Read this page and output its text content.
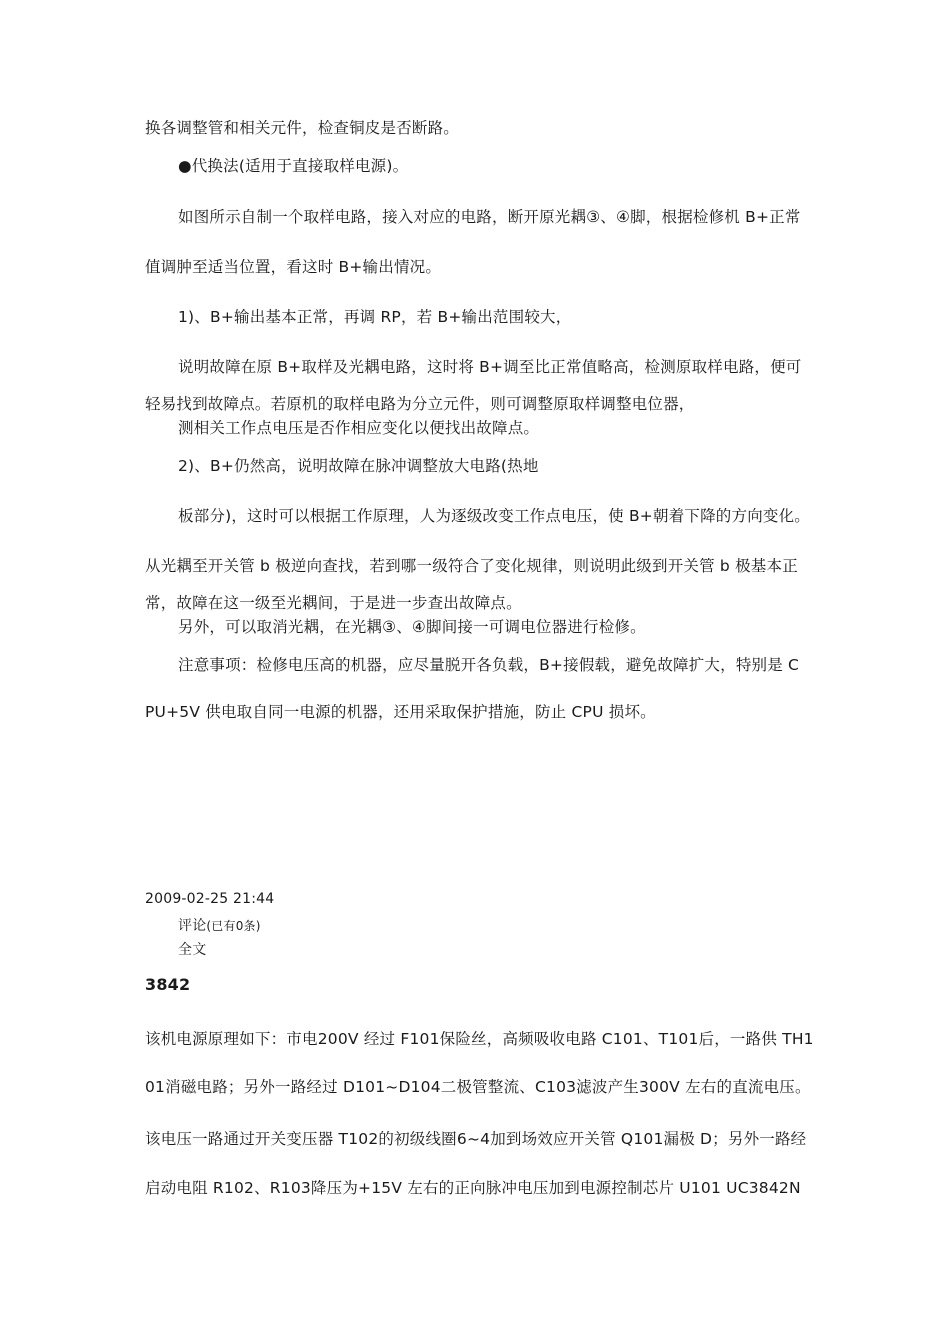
换各调整管和相关元件，检查铜皮是否断路。
●代换法(适用于直接取样电源)。
如图所示自制一个取样电路，接入对应的电路，断开原光耦③、④脚，根据检修机 B+正常
值调肿至适当位置，看这时 B+输出情况。
1)、B+输出基本正常，再调 RP，若 B+输出范围较大，
说明故障在原 B+取样及光耦电路，这时将 B+调至比正常值略高，检测原取样电路，便可
轻易找到故障点。若原机的取样电路为分立元件，则可调整原取样调整电位器，
测相关工作点电压是否作相应变化以便找出故障点。
2)、B+仍然高，说明故障在脉冲调整放大电路(热地
板部分)，这时可以根据工作原理，人为逐级改变工作点电压，使 B+朝着下降的方向变化。
从光耦至开关管 b 极逆向查找，若到哪一级符合了变化规律，则说明此级到开关管 b 极基本正
常，故障在这一级至光耦间，于是进一步查出故障点。
另外，可以取消光耦，在光耦③、④脚间接一可调电位器进行检修。
注意事项：检修电压高的机器，应尽量脱开各负载，B+接假载，避免故障扩大，特别是 C
PU+5V 供电取自同一电源的机器，还用采取保护措施，防止 CPU 损坏。
2009-02-25 21:44
评论(已有0条)
全文
3842
该机电源原理如下：市电200V 经过 F101保险丝，高频吸收电路 C101、T101后，一路供 TH1
01消磁电路；另外一路经过 D101~D104二极管整流、C103滤波产生300V 左右的直流电压。
该电压一路通过开关变压器 T102的初级线圈6~4加到场效应开关管 Q101漏极 D；另外一路经
启动电阻 R102、R103降压为+15V 左右的正向脉冲电压加到电源控制芯片 U101 UC3842N
